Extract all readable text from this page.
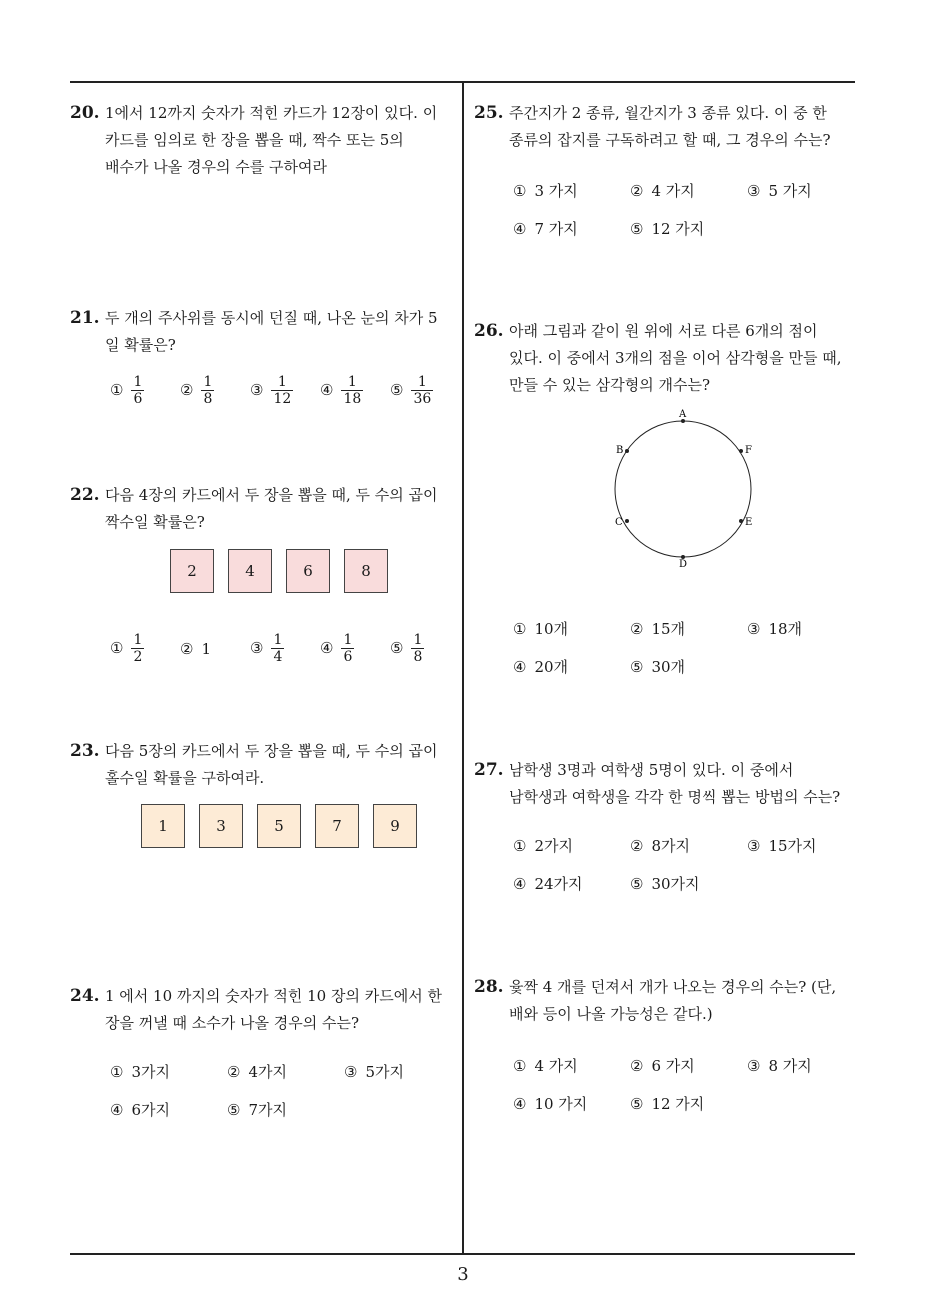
20. 1에서 12까지 숫자가 적힌 카드가 12장이 있다. 이
카드를 임의로 한 장을 뽑을 때, 짝수 또는 5의
배수가 나올 경우의 수를 구하여라
21. 두 개의 주사위를 동시에 던질 때, 나온 눈의 차가 5
일 확률은?
① $\frac{1}{6}$ ② $\frac{1}{8}$ ③ $\frac{1}{12}$ ④ $\frac{1}{18}$ ⑤ $\frac{1}{36}$
22. 다음 4장의 카드에서 두 장을 뽑을 때, 두 수의 곱이
짝수일 확률은?
2	4	6	8
① $\frac{1}{2}$ ② 1	③ $\frac{1}{4}$ ④ $\frac{1}{6}$ ⑤ $\frac{1}{8}$
23. 다음 5장의 카드에서 두 장을 뽑을 때, 두 수의 곱이
홀수일 확률을 구하여라.
1	3	5	7	9
24. 1 에서 10 까지의 숫자가 적힌 10 장의 카드에서 한
장을 꺼낼 때 소수가 나올 경우의 수는?
① 3가지	② 4가지	③ 5가지
④ 6가지	⑤ 7가지
25. 주간지가 2 종류, 월간지가 3 종류 있다. 이 중 한
종류의 잡지를 구독하려고 할 때, 그 경우의 수는?
① 3 가지	② 4 가지	③ 5 가지
④ 7 가지	⑤ 12 가지
26. 아래 그림과 같이 원 위에 서로 다른 6개의 점이
있다. 이 중에서 3개의 점을 이어 삼각형을 만들 때,
만들 수 있는 삼각형의 개수는?
A
B
C
D
E
F
① 10개	② 15개	③ 18개
④ 20개	⑤ 30개
27. 남학생 3명과 여학생 5명이 있다. 이 중에서
남학생과 여학생을 각각 한 명씩 뽑는 방법의 수는?
① 2가지	② 8가지	③ 15가지
④ 24가지	⑤ 30가지
28. 윷짝 4 개를 던져서 개가 나오는 경우의 수는? (단,
배와 등이 나올 가능성은 같다.)
① 4 가지	② 6 가지	③ 8 가지
④ 10 가지	⑤ 12 가지
3
